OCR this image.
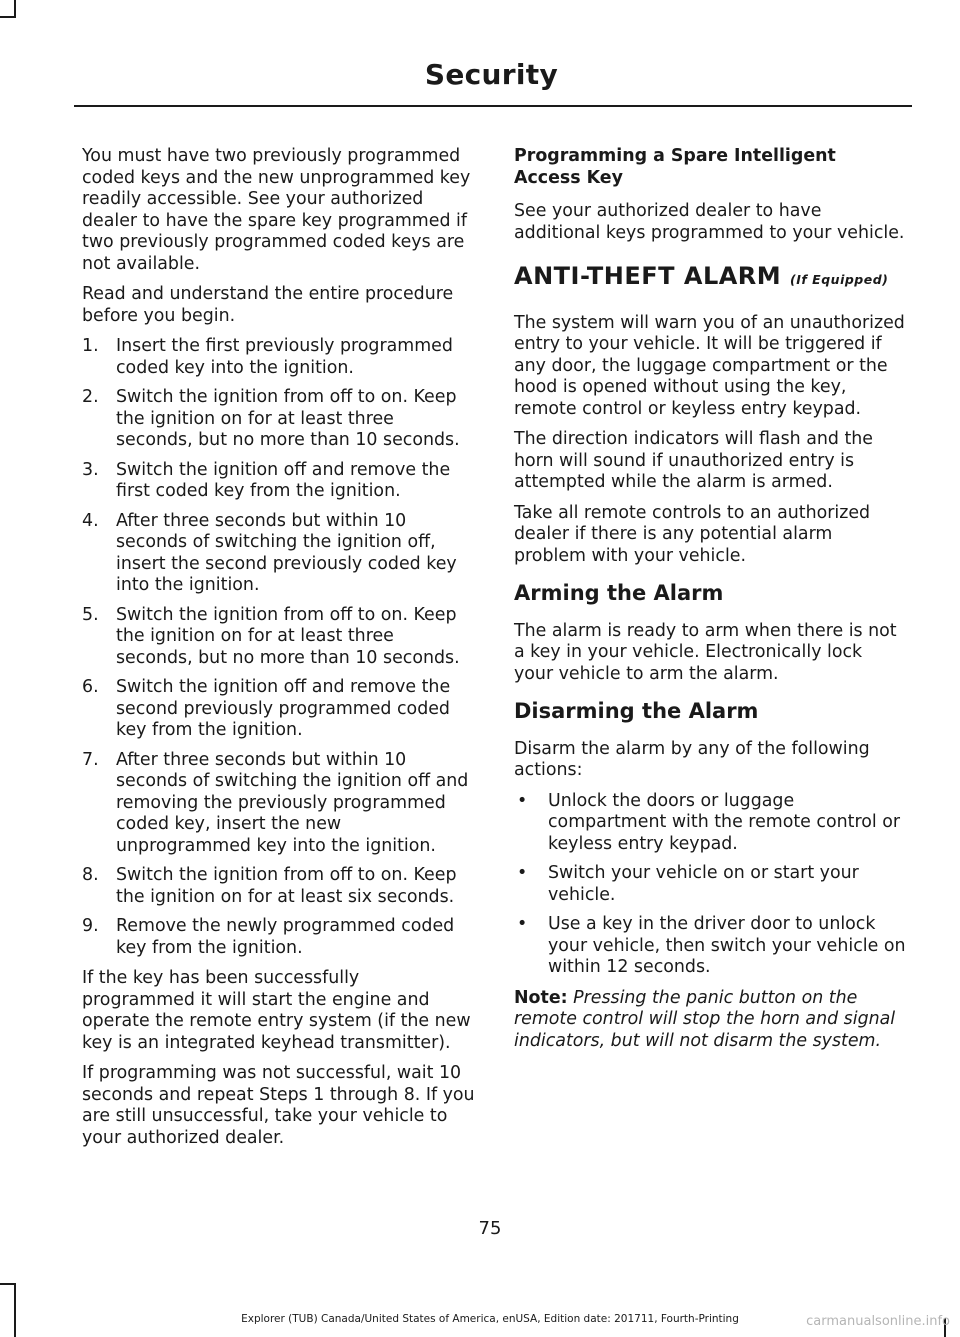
Security

You must have two previously programmed coded keys and the new unprogrammed key readily accessible. See your authorized dealer to have the spare key programmed if two previously programmed coded keys are not available.

Read and understand the entire procedure before you begin.

1. Insert the first previously programmed coded key into the ignition.
2. Switch the ignition from off to on. Keep the ignition on for at least three seconds, but no more than 10 seconds.
3. Switch the ignition off and remove the first coded key from the ignition.
4. After three seconds but within 10 seconds of switching the ignition off, insert the second previously coded key into the ignition.
5. Switch the ignition from off to on. Keep the ignition on for at least three seconds, but no more than 10 seconds.
6. Switch the ignition off and remove the second previously programmed coded key from the ignition.
7. After three seconds but within 10 seconds of switching the ignition off and removing the previously programmed coded key, insert the new unprogrammed key into the ignition.
8. Switch the ignition from off to on. Keep the ignition on for at least six seconds.
9. Remove the newly programmed coded key from the ignition.

If the key has been successfully programmed it will start the engine and operate the remote entry system (if the new key is an integrated keyhead transmitter).

If programming was not successful, wait 10 seconds and repeat Steps 1 through 8. If you are still unsuccessful, take your vehicle to your authorized dealer.

Programming a Spare Intelligent Access Key

See your authorized dealer to have additional keys programmed to your vehicle.

ANTI-THEFT ALARM (If Equipped)

The system will warn you of an unauthorized entry to your vehicle. It will be triggered if any door, the luggage compartment or the hood is opened without using the key, remote control or keyless entry keypad.

The direction indicators will flash and the horn will sound if unauthorized entry is attempted while the alarm is armed.

Take all remote controls to an authorized dealer if there is any potential alarm problem with your vehicle.

Arming the Alarm

The alarm is ready to arm when there is not a key in your vehicle. Electronically lock your vehicle to arm the alarm.

Disarming the Alarm

Disarm the alarm by any of the following actions:

• Unlock the doors or luggage compartment with the remote control or keyless entry keypad.
• Switch your vehicle on or start your vehicle.
• Use a key in the driver door to unlock your vehicle, then switch your vehicle on within 12 seconds.

Note: Pressing the panic button on the remote control will stop the horn and signal indicators, but will not disarm the system.

75
Explorer (TUB) Canada/United States of America, enUSA, Edition date: 201711, Fourth-Printing	carmanualsonline.info
